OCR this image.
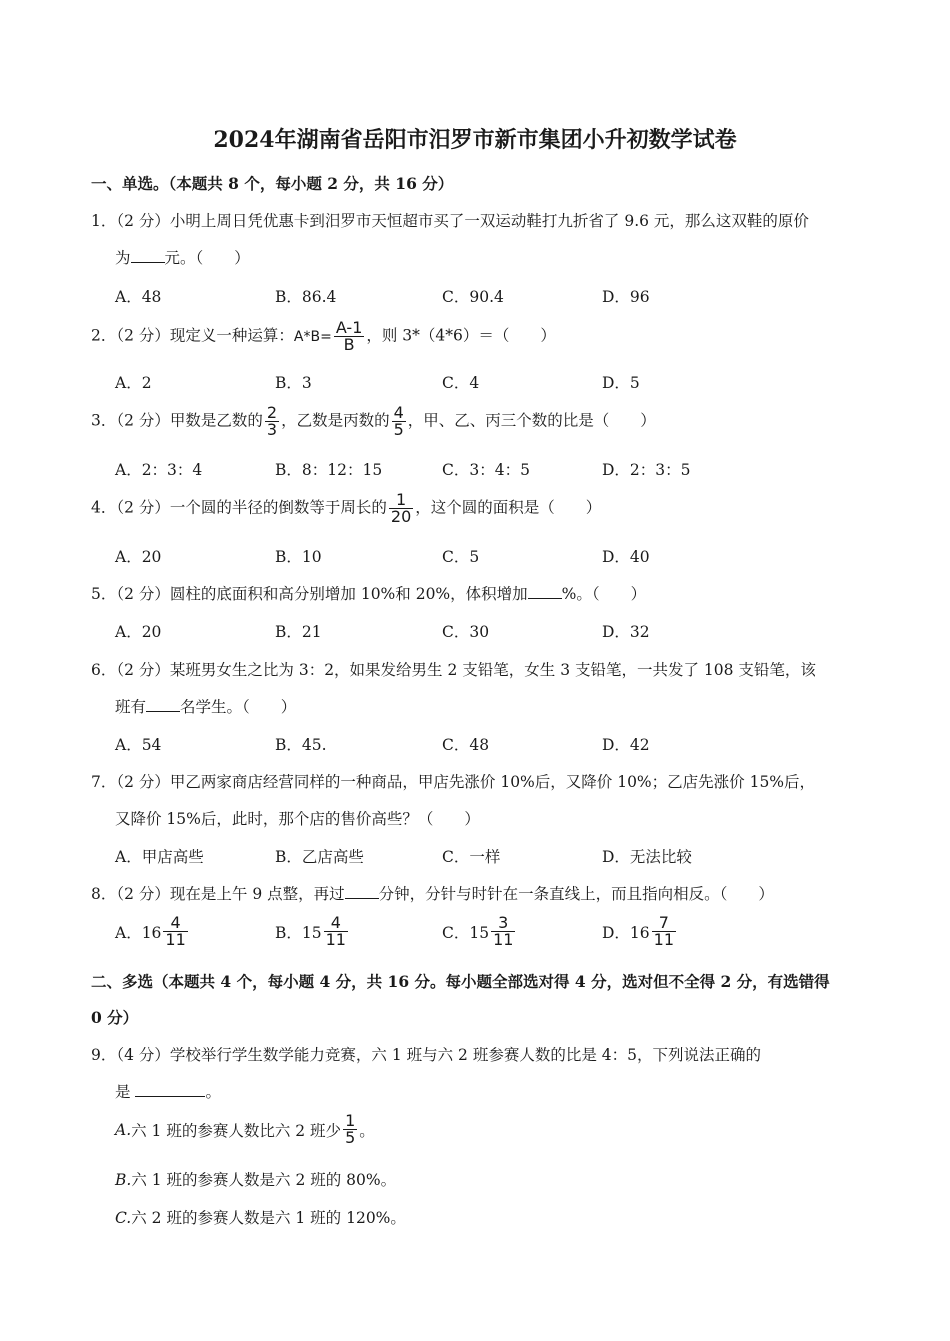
2024年湖南省岳阳市汨罗市新市集团小升初数学试卷
一、单选。（本题共 8 个，每小题 2 分，共 16 分）
1．（2 分）小明上周日凭优惠卡到汨罗市天恒超市买了一双运动鞋打九折省了 9.6 元，那么这双鞋的原价
为 元。（　　）
A．48	B．86.4	C．90.4	D．96
2．（2 分）现定义一种运算：$A*B= \frac{A-1}{B}$ ，则 3*（4*6）＝（　　）
A．2	B．3	C．4	D．5
3．（2 分）甲数是乙数的 $\frac{2}{3}$ ，乙数是丙数的 $\frac{4}{5}$ ，甲、乙、丙三个数的比是（　　）
A．2：3：4	B．8：12：15	C．3：4：5	D．2：3：5
4．（2 分）一个圆的半径的倒数等于周长的 $\frac{1}{20}$ ，这个圆的面积是（　　）
A．20	B．10	C．5	D．40
5．（2 分）圆柱的底面积和高分别增加 10%和 20%，体积增加 %。（　　）
A．20	B．21	C．30	D．32
6．（2 分）某班男女生之比为 3：2，如果发给男生 2 支铅笔，女生 3 支铅笔，一共发了 108 支铅笔，该
班有 名学生。（　　）
A．54	B．45.	C．48	D．42
7．（2 分）甲乙两家商店经营同样的一种商品，甲店先涨价 10%后，又降价 10%；乙店先涨价 15%后，
又降价 15%后，此时，那个店的售价高些？（　　）
A．甲店高些	B．乙店高些	C．一样	D．无法比较
8．（2 分）现在是上午 9 点整，再过 分钟，分针与时针在一条直线上，而且指向相反。（　　）
A．$16 \frac{4}{11}$	B．$15 \frac{4}{11}$	C．$15 \frac{3}{11}$	D．$16 \frac{7}{11}$
二、多选（本题共 4 个，每小题 4 分，共 16 分。每小题全部选对得 4 分，选对但不全得 2 分，有选错得
0 分）
9．（4 分）学校举行学生数学能力竞赛，六 1 班与六 2 班参赛人数的比是 4：5，下列说法正确的
是	。
A. 六 1 班的参赛人数比六 2 班少 $\frac{1}{5}$ 。
B.六 1 班的参赛人数是六 2 班的 80%。
C.六 2 班的参赛人数是六 1 班的 120%。
